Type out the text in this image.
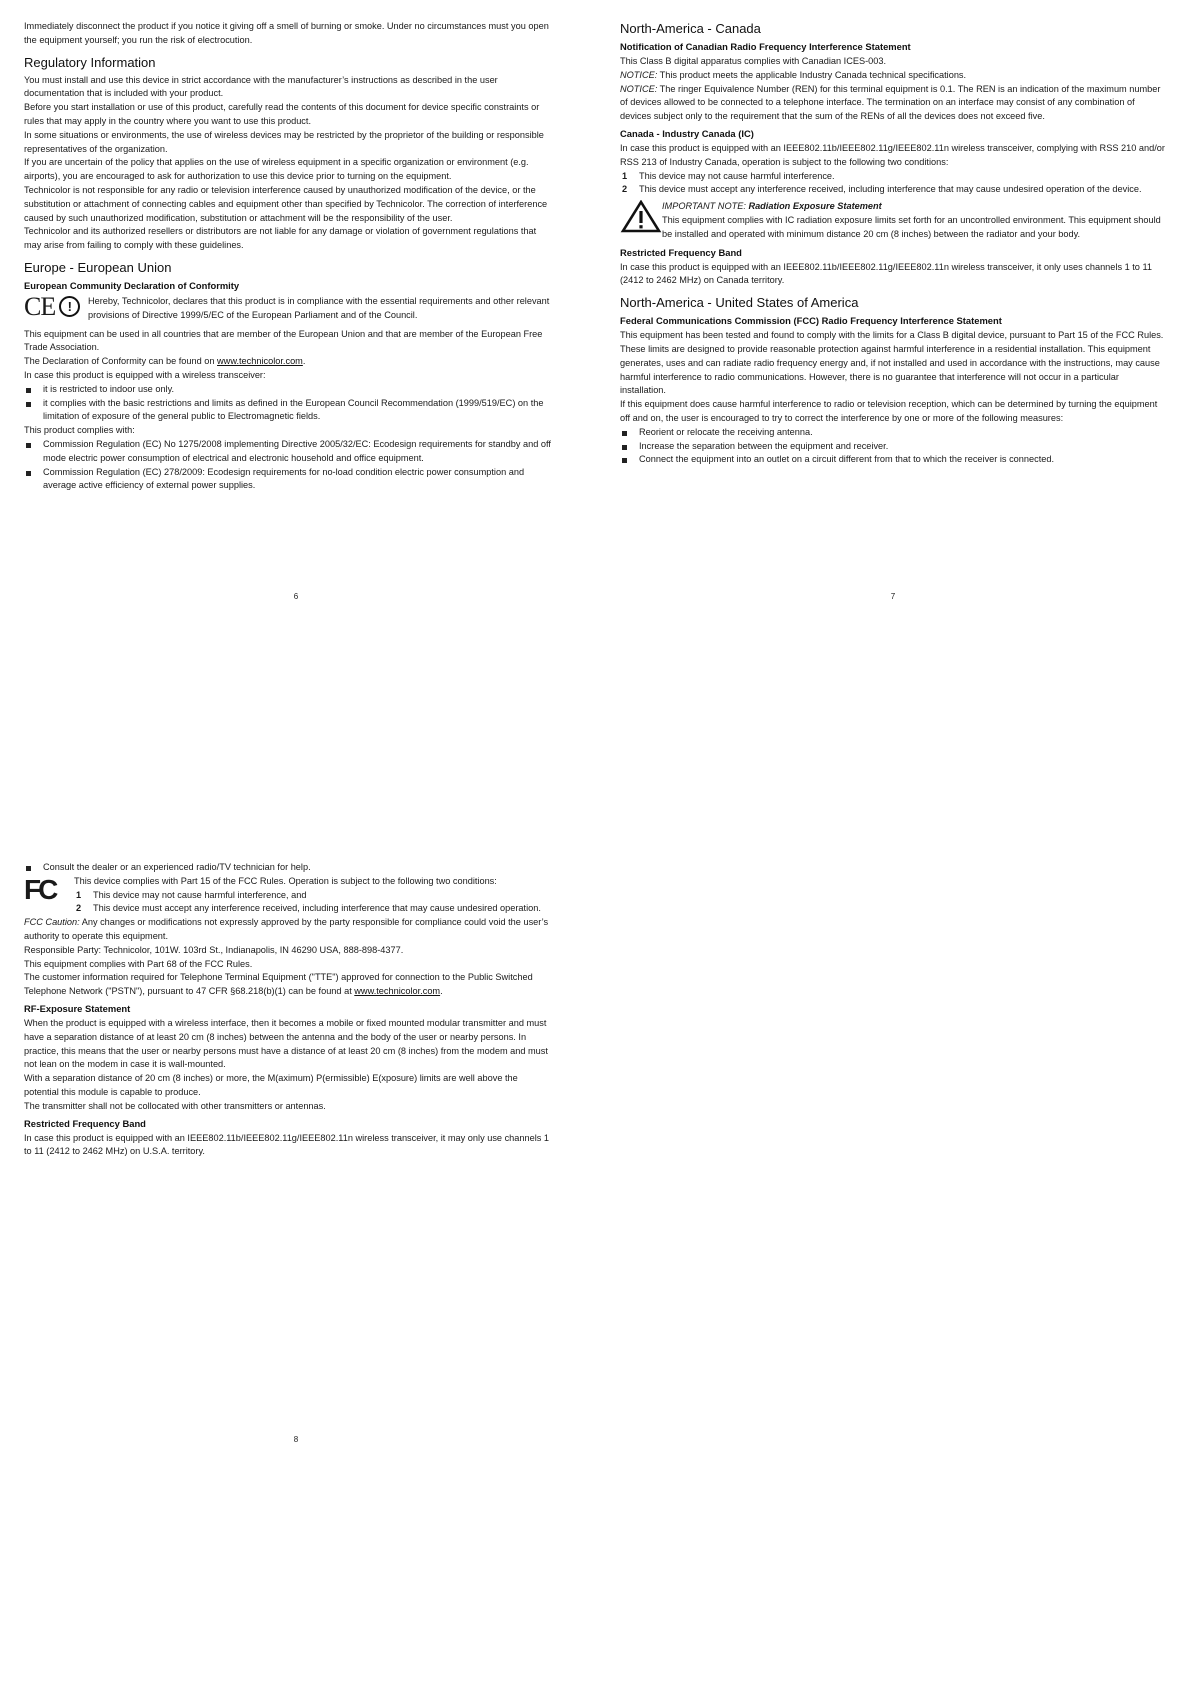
Immediately disconnect the product if you notice it giving off a smell of burning or smoke. Under no circumstances must you open the equipment yourself; you run the risk of electrocution.

Regulatory Information

You must install and use this device in strict accordance with the manufacturer’s instructions as described in the user documentation that is included with your product.

Before you start installation or use of this product, carefully read the contents of this document for device specific constraints or rules that may apply in the country where you want to use this product.

In some situations or environments, the use of wireless devices may be restricted by the proprietor of the building or responsible representatives of the organization.

If you are uncertain of the policy that applies on the use of wireless equipment in a specific organization or environment (e.g. airports), you are encouraged to ask for authorization to use this device prior to turning on the equipment.

Technicolor is not responsible for any radio or television interference caused by unauthorized modification of the device, or the substitution or attachment of connecting cables and equipment other than specified by Technicolor. The correction of interference caused by such unauthorized modification, substitution or attachment will be the responsibility of the user.

Technicolor and its authorized resellers or distributors are not liable for any damage or violation of government regulations that may arise from failing to comply with these guidelines.

Europe - European Union
European Community Declaration of Conformity
CE !	Hereby, Technicolor, declares that this product is in compliance with the essential requirements and other relevant provisions of Directive 1999/5/EC of the European Parliament and of the Council.

This equipment can be used in all countries that are member of the European Union and that are member of the European Free Trade Association.

The Declaration of Conformity can be found on www.technicolor.com.

In case this product is equipped with a wireless transceiver:

it is restricted to indoor use only.
it complies with the basic restrictions and limits as defined in the European Council Recommendation (1999/519/EC) on the limitation of exposure of the general public to Electromagnetic fields.

This product complies with:

Commission Regulation (EC) No 1275/2008 implementing Directive 2005/32/EC: Ecodesign requirements for standby and off mode electric power consumption of electrical and electronic household and office equipment.
Commission Regulation (EC) 278/2009: Ecodesign requirements for no-load condition electric power consumption and average active efficiency of external power supplies.
6
North-America - Canada
Notification of Canadian Radio Frequency Interference Statement

This Class B digital apparatus complies with Canadian ICES-003.

NOTICE: This product meets the applicable Industry Canada technical specifications.

NOTICE: The ringer Equivalence Number (REN) for this terminal equipment is 0.1. The REN is an indication of the maximum number of devices allowed to be connected to a telephone interface. The termination on an interface may consist of any combination of devices subject only to the requirement that the sum of the RENs of all the devices does not exceed five.

Canada - Industry Canada (IC)

In case this product is equipped with an IEEE802.11b/IEEE802.11g/IEEE802.11n wireless transceiver, complying with RSS 210 and/or RSS 213 of Industry Canada, operation is subject to the following two conditions:

1 This device may not cause harmful interference.
2 This device must accept any interference received, including interference that may cause undesired operation of the device.

IMPORTANT NOTE: Radiation Exposure Statement

This equipment complies with IC radiation exposure limits set forth for an uncontrolled environment. This equipment should be installed and operated with minimum distance 20 cm (8 inches) between the radiator and your body.

Restricted Frequency Band

In case this product is equipped with an IEEE802.11b/IEEE802.11g/IEEE802.11n wireless transceiver, it only uses channels 1 to 11 (2412 to 2462 MHz) on Canada territory.

North-America - United States of America
Federal Communications Commission (FCC) Radio Frequency Interference Statement

This equipment has been tested and found to comply with the limits for a Class B digital device, pursuant to Part 15 of the FCC Rules. These limits are designed to provide reasonable protection against harmful interference in a residential installation. This equipment generates, uses and can radiate radio frequency energy and, if not installed and used in accordance with the instructions, may cause harmful interference to radio communications. However, there is no guarantee that interference will not occur in a particular installation.

If this equipment does cause harmful interference to radio or television reception, which can be determined by turning the equipment off and on, the user is encouraged to try to correct the interference by one or more of the following measures:

Reorient or relocate the receiving antenna.
Increase the separation between the equipment and receiver.
Connect the equipment into an outlet on a circuit different from that to which the receiver is connected.
7
Consult the dealer or an experienced radio/TV technician for help.
FC	This device complies with Part 15 of the FCC Rules. Operation is subject to the following two conditions:

1 This device may not cause harmful interference, and
2 This device must accept any interference received, including interference that may cause undesired operation.

FCC Caution: Any changes or modifications not expressly approved by the party responsible for compliance could void the user’s authority to operate this equipment.

Responsible Party: Technicolor, 101W. 103rd St., Indianapolis, IN 46290 USA, 888-898-4377.

This equipment complies with Part 68 of the FCC Rules.

The customer information required for Telephone Terminal Equipment ("TTE") approved for connection to the Public Switched Telephone Network ("PSTN"), pursuant to 47 CFR §68.218(b)(1) can be found at www.technicolor.com.

RF-Exposure Statement

When the product is equipped with a wireless interface, then it becomes a mobile or fixed mounted modular transmitter and must have a separation distance of at least 20 cm (8 inches) between the antenna and the body of the user or nearby persons. In practice, this means that the user or nearby persons must have a distance of at least 20 cm (8 inches) from the modem and must not lean on the modem in case it is wall-mounted.

With a separation distance of 20 cm (8 inches) or more, the M(aximum) P(ermissible) E(xposure) limits are well above the potential this module is capable to produce.

The transmitter shall not be collocated with other transmitters or antennas.

Restricted Frequency Band

In case this product is equipped with an IEEE802.11b/IEEE802.11g/IEEE802.11n wireless transceiver, it may only use channels 1 to 11 (2412 to 2462 MHz) on U.S.A. territory.

8
